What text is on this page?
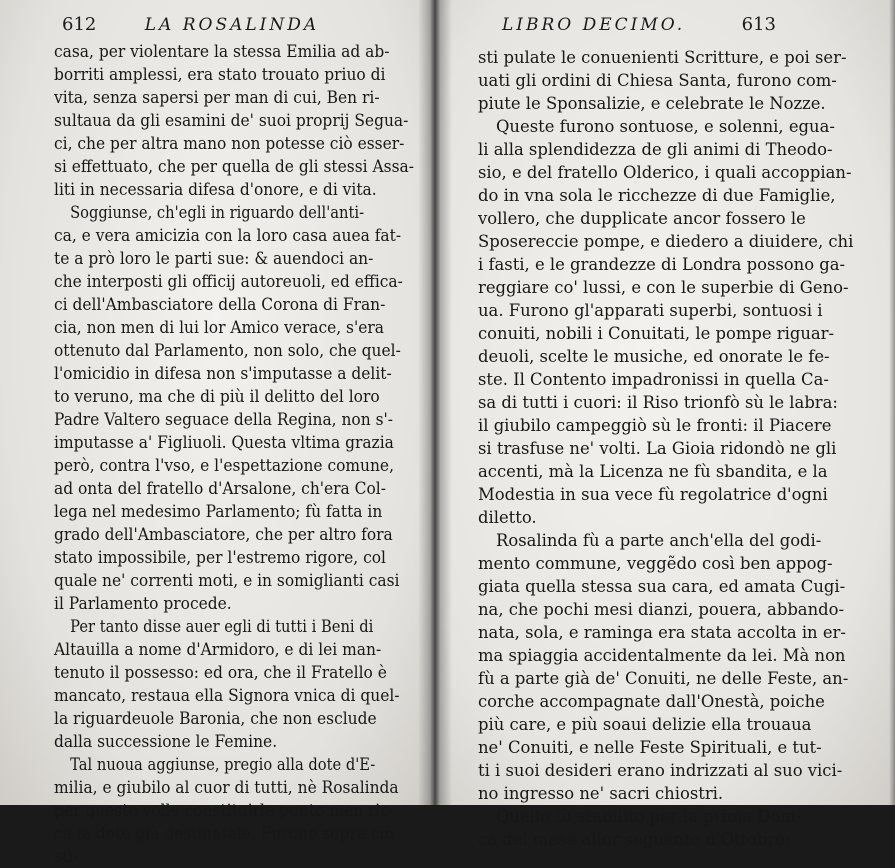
612	LA ROSALINDA
casa, per violentare la stessa Emilia ad ab-
borriti amplessi, era stato trouato priuo di
vita, senza sapersi per man di cui, Ben ri-
sultaua da gli esamini de' suoi proprij Segua-
ci, che per altra mano non potesse ciò esser-
si effettuato, che per quella de gli stessi Assa-
liti in necessaria difesa d'onore, e di vita.
Soggiunse, ch'egli in riguardo dell'anti-
ca, e vera amicizia con la loro casa auea fat-
te a prò loro le parti sue: & auendoci an-
che interposti gli officij autoreuoli, ed effica-
ci dell'Ambasciatore della Corona di Fran-
cia, non men di lui lor Amico verace, s'era
ottenuto dal Parlamento, non solo, che quel-
l'omicidio in difesa non s'imputasse a delit-
to veruno, ma che di più il delitto del loro
Padre Valtero seguace della Regina, non s'-
imputasse a' Figliuoli. Questa vltima grazia
però, contra l'vso, e l'espettazione comune,
ad onta del fratello d'Arsalone, ch'era Col-
lega nel medesimo Parlamento; fù fatta in
grado dell'Ambasciatore, che per altro fora
stato impossibile, per l'estremo rigore, col
quale ne' correnti moti, e in somiglianti casi
il Parlamento procede.
Per tanto disse auer egli di tutti i Beni di
Altauilla a nome d'Armidoro, e di lei man-
tenuto il possesso: ed ora, che il Fratello è
mancato, restaua ella Signora vnica di quel-
la riguardeuole Baronia, che non esclude
dalla successione le Femine.
Tal nuoua aggiunse, pregio alla dote d'E-
milia, e giubilo al cuor di tutti, nè Rosalinda
per questo volle constituirle punto men ric-
ca la dote già destinatale, Furono sopra ciò
sti-
LIBRO DECIMO.	613
sti pulate le conuenienti Scritture, e poi ser-
uati gli ordini di Chiesa Santa, furono com-
piute le Sponsalizie, e celebrate le Nozze.
Queste furono sontuose, e solenni, egua-
li alla splendidezza de gli animi di Theodo-
sio, e del fratello Olderico, i quali accoppian-
do in vna sola le ricchezze di due Famiglie,
vollero, che dupplicate ancor fossero le
Sposereccie pompe, e diedero a diuidere, chi
i fasti, e le grandezze di Londra possono ga-
reggiare co' lussi, e con le superbie di Geno-
ua. Furono gl'apparati superbi, sontuosi i
conuiti, nobili i Conuitati, le pompe riguar-
deuoli, scelte le musiche, ed onorate le fe-
ste. Il Contento impadronissi in quella Ca-
sa di tutti i cuori: il Riso trionfò sù le labra:
il giubilo campeggiò sù le fronti: il Piacere
si trasfuse ne' volti. La Gioia ridondò ne gli
accenti, mà la Licenza ne fù sbandita, e la
Modestia in sua vece fù regolatrice d'ogni
diletto.
Rosalinda fù a parte anch'ella del godi-
mento commune, veggẽdo così ben appog-
giata quella stessa sua cara, ed amata Cugi-
na, che pochi mesi dianzi, pouera, abbando-
nata, sola, e raminga era stata accolta in er-
ma spiaggia accidentalmente da lei. Mà non
fù a parte già de' Conuiti, ne delle Feste, an-
corche accompagnate dall'Onestà, poiche
più care, e più soaui delizie ella trouaua
ne' Conuiti, e nelle Feste Spirituali, e tut-
ti i suoi desideri erano indrizzati al suo vici-
no ingresso ne' sacri chiostri.
Quello fù stabilito per la prima Dom-
ca del mese allor seguente d'Ottobre;
